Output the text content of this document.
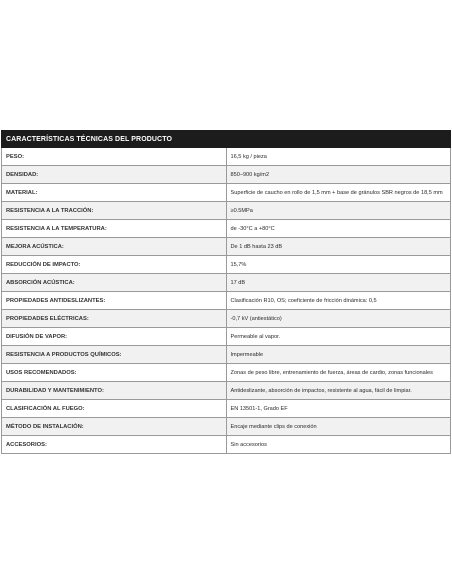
CARACTERÍSTICAS TÉCNICAS DEL PRODUCTO	
PESO:	16,5 kg / pieza
DENSIDAD:	850–900 kg/m2
MATERIAL:	Superficie de caucho en rollo de 1,5 mm + base de gránulos SBR negros de 18,5 mm
RESISTENCIA A LA TRACCIÓN:	≥0.5MPa
RESISTENCIA A LA TEMPERATURA:	de -30°C a +80°C
MEJORA ACÚSTICA:	De 1 dB hasta 23 dB
REDUCCIÓN DE IMPACTO:	15,7%
ABSORCIÓN ACÚSTICA:	17 dB
PROPIEDADES ANTIDESLIZANTES:	Clasificación R10, OS; coeficiente de fricción dinámica: 0,5
PROPIEDADES ELÉCTRICAS:	-0,7 kV (antiestático)
DIFUSIÓN DE VAPOR:	Permeable al vapor.
RESISTENCIA A PRODUCTOS QUÍMICOS:	Impermeable
USOS RECOMENDADOS:	Zonas de peso libre, entrenamiento de fuerza, áreas de cardio, zonas funcionales
DURABILIDAD Y MANTENIMIENTO:	Antideslizante, absorción de impactos, resistente al agua, fácil de limpiar.
CLASIFICACIÓN AL FUEGO:	EN 13501-1, Grado EF
MÉTODO DE INSTALACIÓN:	Encaje mediante clips de conexión
ACCESORIOS:	Sin accesorios
